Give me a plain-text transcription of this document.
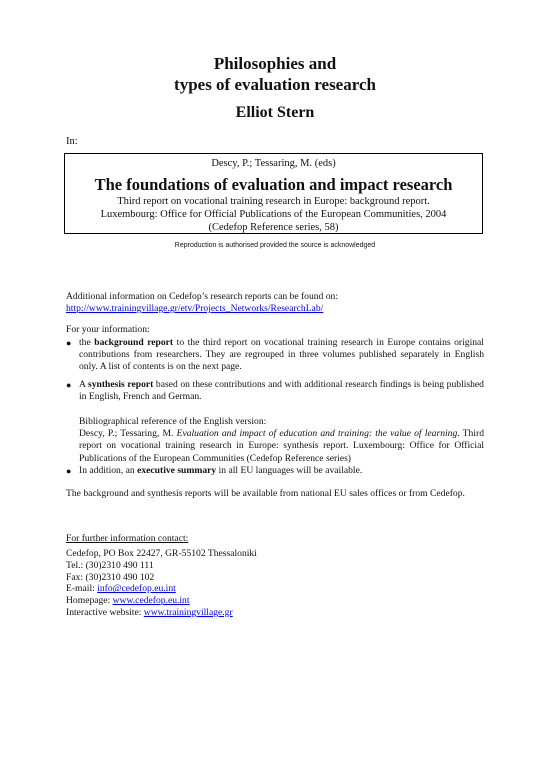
Philosophies and
types of evaluation research
Elliot Stern
In:
Descy, P.; Tessaring, M. (eds)
The foundations of evaluation and impact research
Third report on vocational training research in Europe: background report.
Luxembourg: Office for Official Publications of the European Communities, 2004
(Cedefop Reference series, 58)
Reproduction is authorised provided the source is acknowledged
Additional information on Cedefop’s research reports can be found on:
http://www.trainingvillage.gr/etv/Projects_Networks/ResearchLab/
For your information:
● the background report to the third report on vocational training research in Europe contains original contributions from researchers. They are regrouped in three volumes published separately in English only. A list of contents is on the next page.
● A synthesis report based on these contributions and with additional research findings is being published in English, French and German.
Bibliographical reference of the English version:
Descy, P.; Tessaring, M. Evaluation and impact of education and training: the value of learning. Third report on vocational training research in Europe: synthesis report. Luxembourg: Office for Official Publications of the European Communities (Cedefop Reference series)
● In addition, an executive summary in all EU languages will be available.
The background and synthesis reports will be available from national EU sales offices or from Cedefop.
For further information contact:
Cedefop, PO Box 22427, GR-55102 Thessaloniki
Tel.: (30)2310 490 111
Fax: (30)2310 490 102
E-mail: info@cedefop.eu.int
Homepage: www.cedefop.eu.int
Interactive website: www.trainingvillage.gr
